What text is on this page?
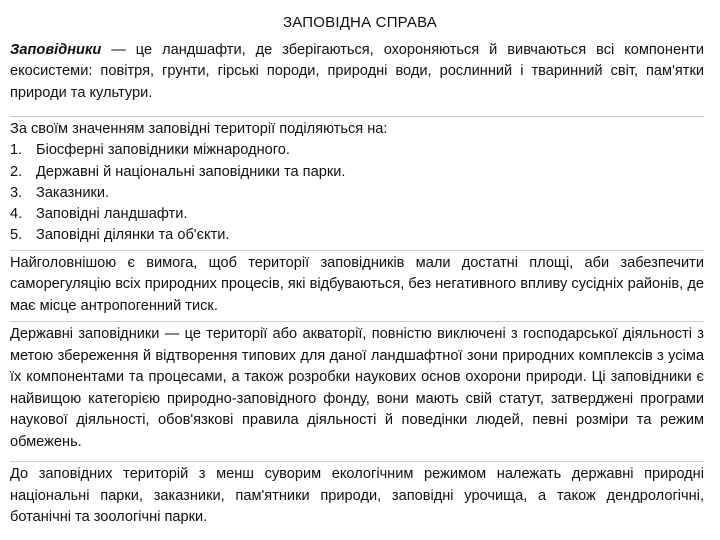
ЗАПОВІДНА СПРАВА
Заповідники — це ландшафти, де зберігаються, охороняються й вивчаються всі компоненти екосистеми: повітря, грунти, гірські породи, природні води, рослинний і тваринний світ, пам'ятки природи та культури.
За своїм значенням заповідні території поділяються на:
1. Біосферні заповідники міжнародного.
2. Державні й національні заповідники та парки.
3. Заказники.
4. Заповідні ландшафти.
5. Заповідні ділянки та об'єкти.
Найголовнішою є вимога, щоб території заповідників мали достатні площі, аби забезпечити саморегуляцію всіх природних процесів, які відбуваються, без негативного впливу сусідніх районів, де має місце антропогенний тиск.
Державні заповідники — це території або акваторії, повністю виключені з господарської діяльності з метою збереження й відтворення типових для даної ландшафтної зони природних комплексів з усіма їх компонентами та процесами, а також розробки наукових основ охорони природи. Ці заповідники є найвищою категорією природно-заповідного фонду, вони мають свій статут, затверджені програми наукової діяльності, обов'язкові правила діяльності й поведінки людей, певні розміри та режим обмежень.
До заповідних територій з менш суворим екологічним режимом належать державні природні національні парки, заказники, пам'ятники природи, заповідні урочища, а також дендрологічні, ботанічні та зоологічні парки.
